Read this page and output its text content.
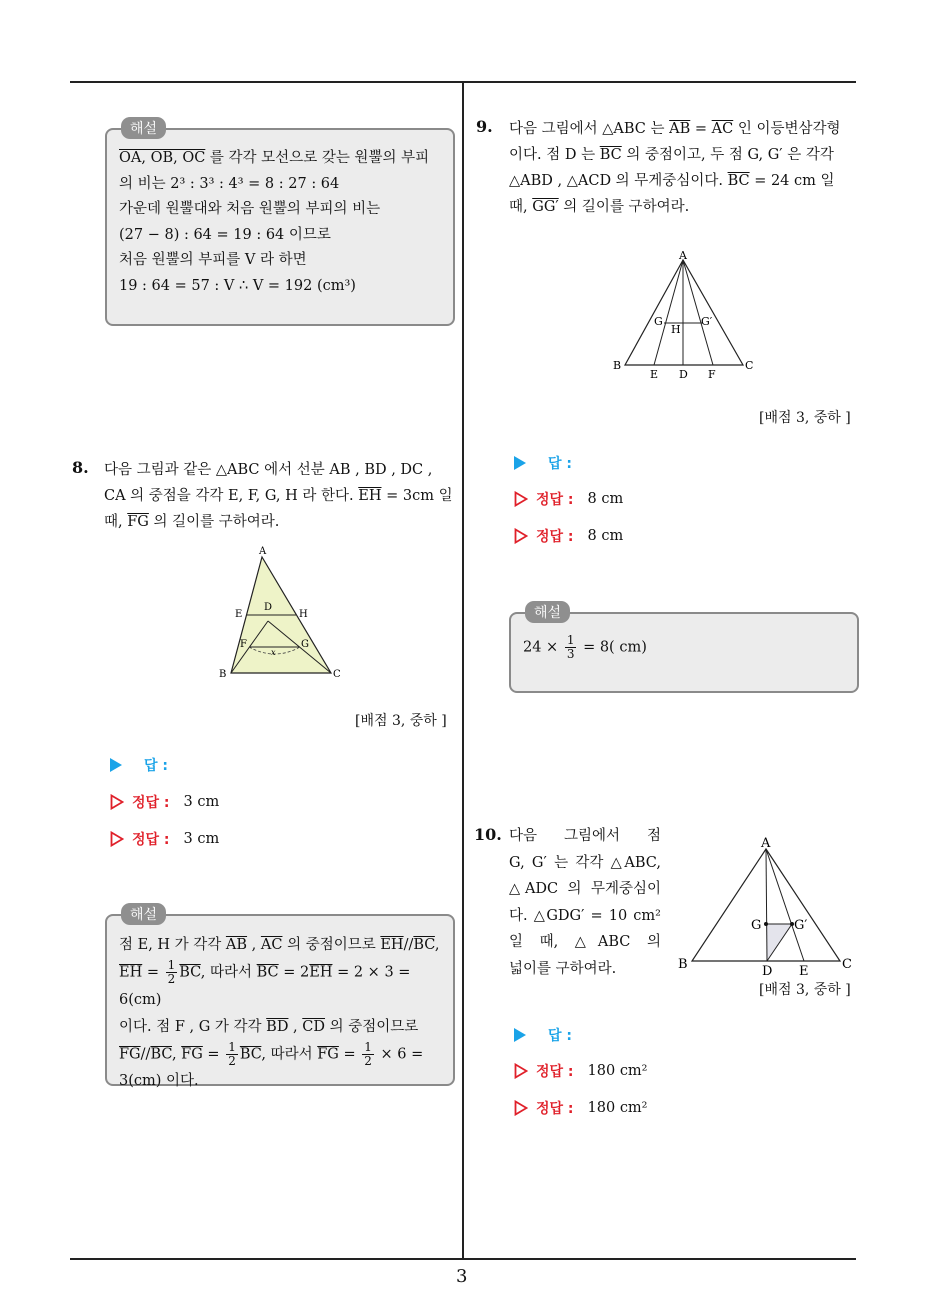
3
해설
OA, OB, OC 를 각각 모선으로 갖는 원뿔의 부피
의 비는 2³ : 3³ : 4³ = 8 : 27 : 64
가운데 원뿔대와 처음 원뿔의 부피의 비는
(27 − 8) : 64 = 19 : 64 이므로
처음 원뿔의 부피를 V 라 하면
19 : 64 = 57 : V ∴ V = 192 (cm³)
8. 다음 그림과 같은 △ABC 에서 선분 AB , BD , DC ,
CA 의 중점을 각각 E, F, G, H 라 한다. $\overline{EH} = 3cm$ 일
때, $\overline{FG}$ 의 길이를 구하여라.
A
B	C
D
E	H
F	G
x
[배점 3, 중하 ]
답 :
정답 : 3 cm
정답 : 3 cm
해설
점 E, H 가 각각 $\overline{AB}$ , $\overline{AC}$ 의 중점이므로 $\overline{EH}//\overline{BC}$,
$\overline{EH} = \frac{1}{2} \overline{BC}$, 따라서 $\overline{BC} = 2\overline{EH} = 2 \times 3 = 6(cm)$
이다. 점 F , G 가 각각 $\overline{BD}$ , $\overline{CD}$ 의 중점이므로
$\overline{FG}//\overline{BC}$, $\overline{FG} = \frac{1}{2} \overline{BC}$, 따라서 $\overline{FG} = \frac{1}{2} \times 6$ =
3(cm) 이다.
9. 다음 그림에서 △ABC 는 $\overline{AB} = \overline{AC}$ 인 이등변삼각형
이다. 점 D 는 $\overline{BC}$ 의 중점이고, 두 점 G, G′ 은 각각
△ABD , △ACD 의 무게중심이다. $\overline{BC} = 24$ cm 일
때, GG′ 의 길이를 구하여라.
A
B	C
D
E	F
G	G′
H
[배점 3, 중하 ]
답 :
정답 : 8 cm
정답 : 8 cm
해설
$24 \times \frac{1}{3} = 8$( cm)
10. 다음 그림에서 점
G, G′ 는 각각 △ABC,
△ADC 의 무게중심이
다. △GDG′ = 10 cm²
일 때, △ABC 의
넓이를 구하여라.
A
B	C
D E
G	G′
[배점 3, 중하 ]
답 :
정답 : 180 cm²
정답 : 180 cm²
